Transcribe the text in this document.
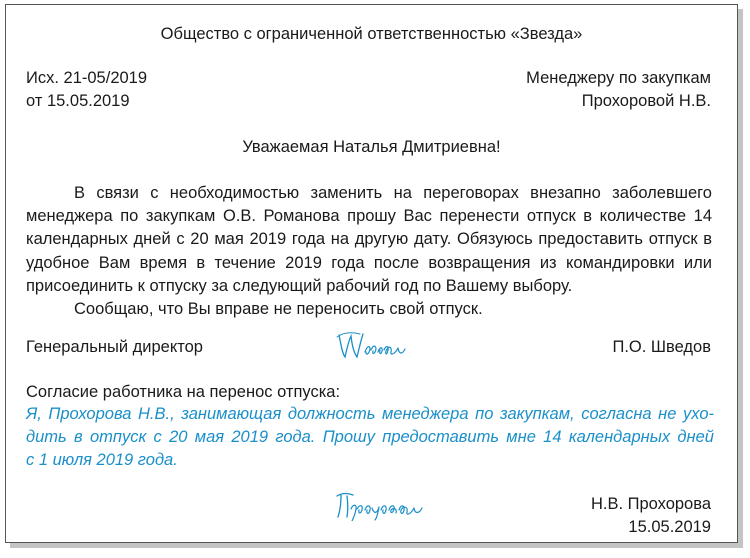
Общество с ограниченной ответственностью «Звезда»
Исх. 21-05/2019
от 15.05.2019
Менеджеру по закупкам
Прохоровой Н.В.
Уважаемая Наталья Дмитриевна!

В связи с необходимостью заменить на переговорах внезапно заболевшего менеджера по закупкам О.В. Романова прошу Вас перенести отпуск в количестве 14 календарных дней с 20 мая 2019 года на другую дату. Обязуюсь предоставить отпуск в удобное Вам время в течение 2019 года после возвращения из командировки или присоединить к отпуску за следующий рабочий год по Вашему выбору.

Сообщаю, что Вы вправе не переносить свой отпуск.

Генеральный директор	П.О. Шведов
Согласие работника на перенос отпуска:
Я, Прохорова Н.В., занимающая должность менеджера по закупкам, согласна не ухо-
дить в отпуск с 20 мая 2019 года. Прошу предоставить мне 14 календарных дней
с 1 июля 2019 года.
Н.В. Прохорова
15.05.2019
